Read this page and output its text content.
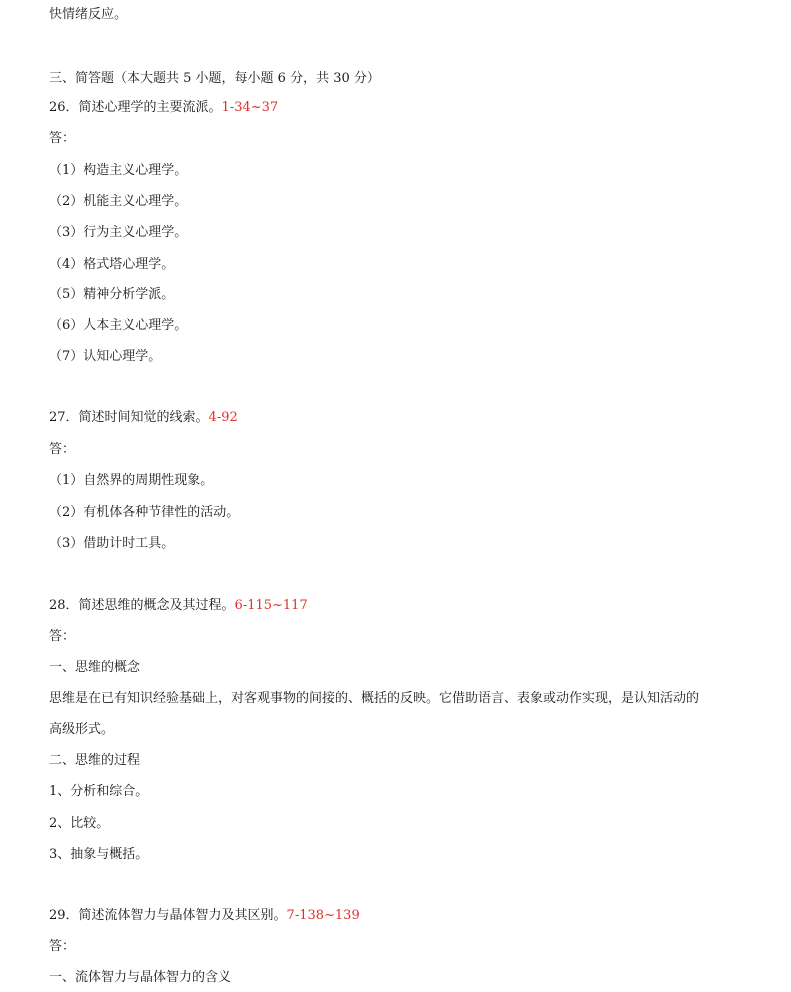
快情绪反应。
三、简答题（本大题共 5 小题，每小题 6 分，共 30 分）
26．简述心理学的主要流派。1-34~37
答：
（1）构造主义心理学。
（2）机能主义心理学。
（3）行为主义心理学。
（4）格式塔心理学。
（5）精神分析学派。
（6）人本主义心理学。
（7）认知心理学。
27．简述时间知觉的线索。4-92
答：
（1）自然界的周期性现象。
（2）有机体各种节律性的活动。
（3）借助计时工具。
28．简述思维的概念及其过程。6-115~117
答：
一、思维的概念
思维是在已有知识经验基础上，对客观事物的间接的、概括的反映。它借助语言、表象或动作实现，是认知活动的
高级形式。
二、思维的过程
1、分析和综合。
2、比较。
3、抽象与概括。
29．简述流体智力与晶体智力及其区别。7-138~139
答：
一、流体智力与晶体智力的含义
